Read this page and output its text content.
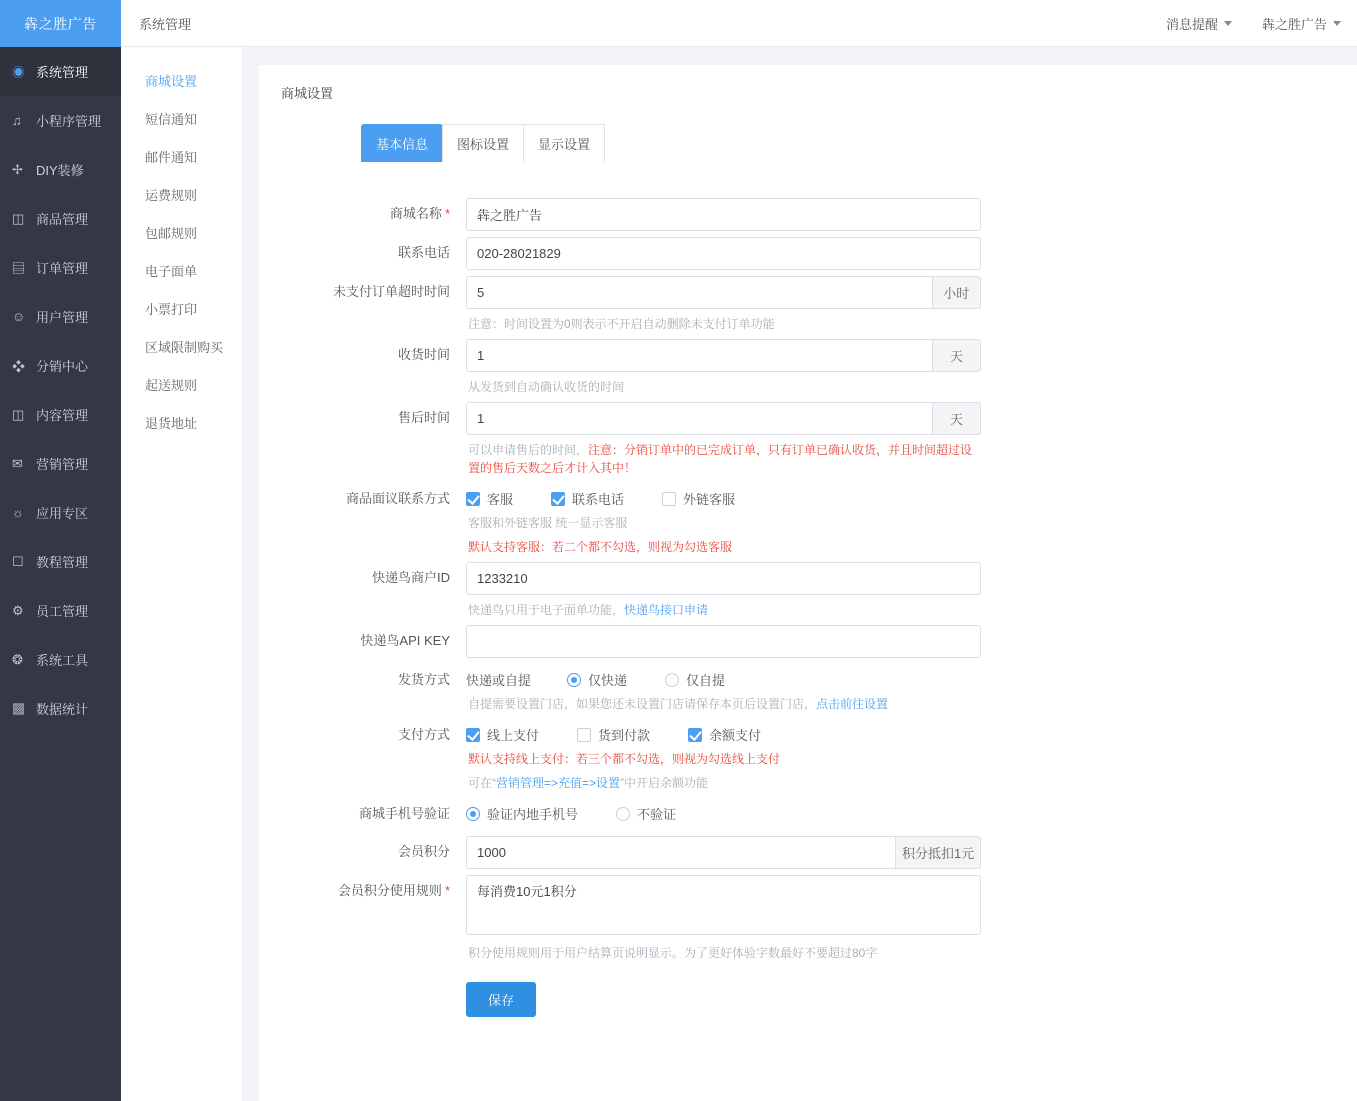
犇之胜广告
◉ 系统管理
♫	小程序管理
✢	DIY装修
◫ 商品管理
▤ 订单管理
☺ 用户管理
❖ 分销中心
◫ 内容管理
✉	营销管理
☼ 应用专区
☐ 教程管理
⚙ 员工管理
❂	系统工具
▩ 数据统计
系统管理	消息提醒	犇之胜广告
商城设置
短信通知
邮件通知
运费规则
包邮规则
电子面单
小票打印
区域限制购买
起送规则
退货地址
商城设置
基本信息	图标设置	显示设置
商城名称 *
犇之胜广告
联系电话
020-28021829
未支付订单超时时间
5	小时
注意：时间设置为0则表示不开启自动删除未支付订单功能
收货时间
1	天
从发货到自动确认收货的时间
售后时间
1	天
可以申请售后的时间，注意：分销订单中的已完成订单，只有订单已确认收货，并且时间超过设置的售后天数之后才计入其中！
商品面议联系方式	客服	联系电话	外链客服
客服和外链客服 统一显示客服
默认支持客服：若二个都不勾选，则视为勾选客服
快递鸟商户ID
1233210
快递鸟只用于电子面单功能，快递鸟接口申请
快递鸟API KEY
发货方式	快递或自提	仅快递	仅自提
自提需要设置门店，如果您还未设置门店请保存本页后设置门店，点击前往设置
支付方式	线上支付	货到付款	余额支付
默认支持线上支付：若三个都不勾选，则视为勾选线上支付
可在“营销管理=>充值=>设置”中开启余额功能
商城手机号验证	验证内地手机号	不验证
会员积分
1000	积分抵扣1元
会员积分使用规则 *
每消费10元1积分
积分使用规则用于用户结算页说明显示。为了更好体验字数最好不要超过80字
保存
